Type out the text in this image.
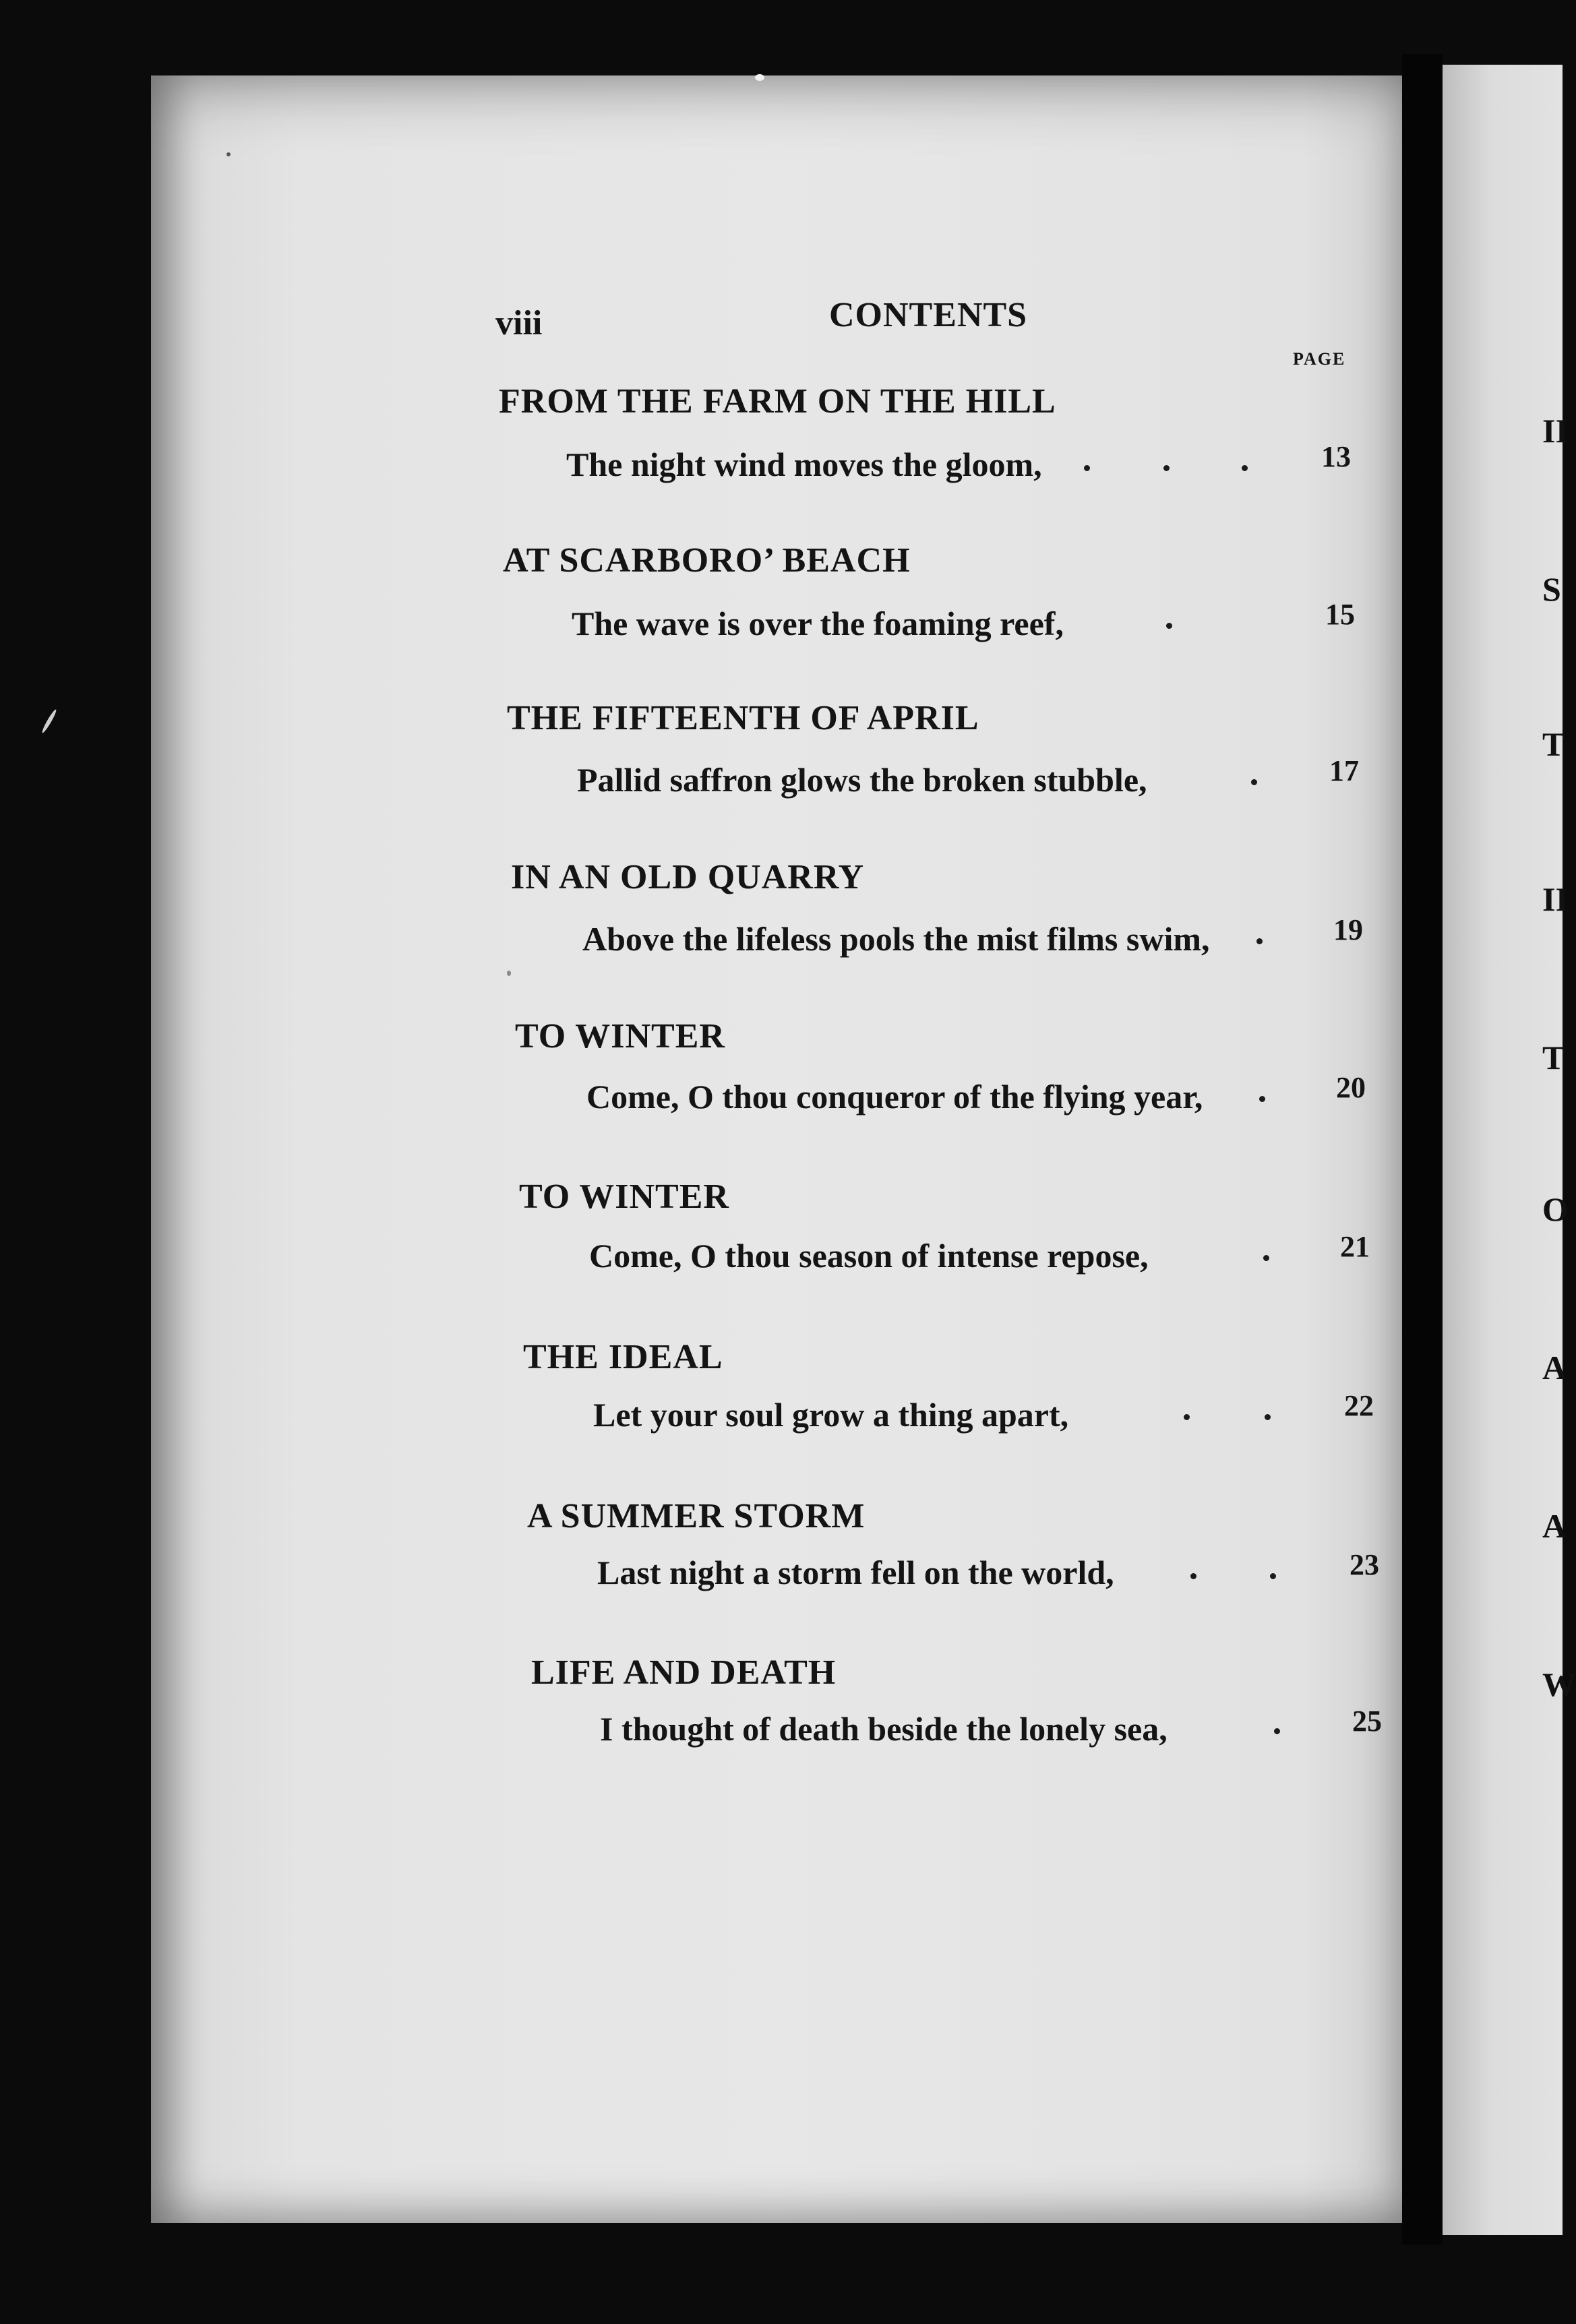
II
S
T
II
T
O
A
A
W
viii	CONTENTS
PAGE
FROM THE FARM ON THE HILL
The night wind moves the gloom,	13
AT SCARBORO’ BEACH
The wave is over the foaming reef,	15
THE FIFTEENTH OF APRIL
Pallid saffron glows the broken stubble,	17
IN AN OLD QUARRY
Above the lifeless pools the mist films swim,	19
TO WINTER
Come, O thou conqueror of the flying year,	20
TO WINTER
Come, O thou season of intense repose,	21
THE IDEAL
Let your soul grow a thing apart,	22
A SUMMER STORM
Last night a storm fell on the world,	23
LIFE AND DEATH
I thought of death beside the lonely sea,	25
